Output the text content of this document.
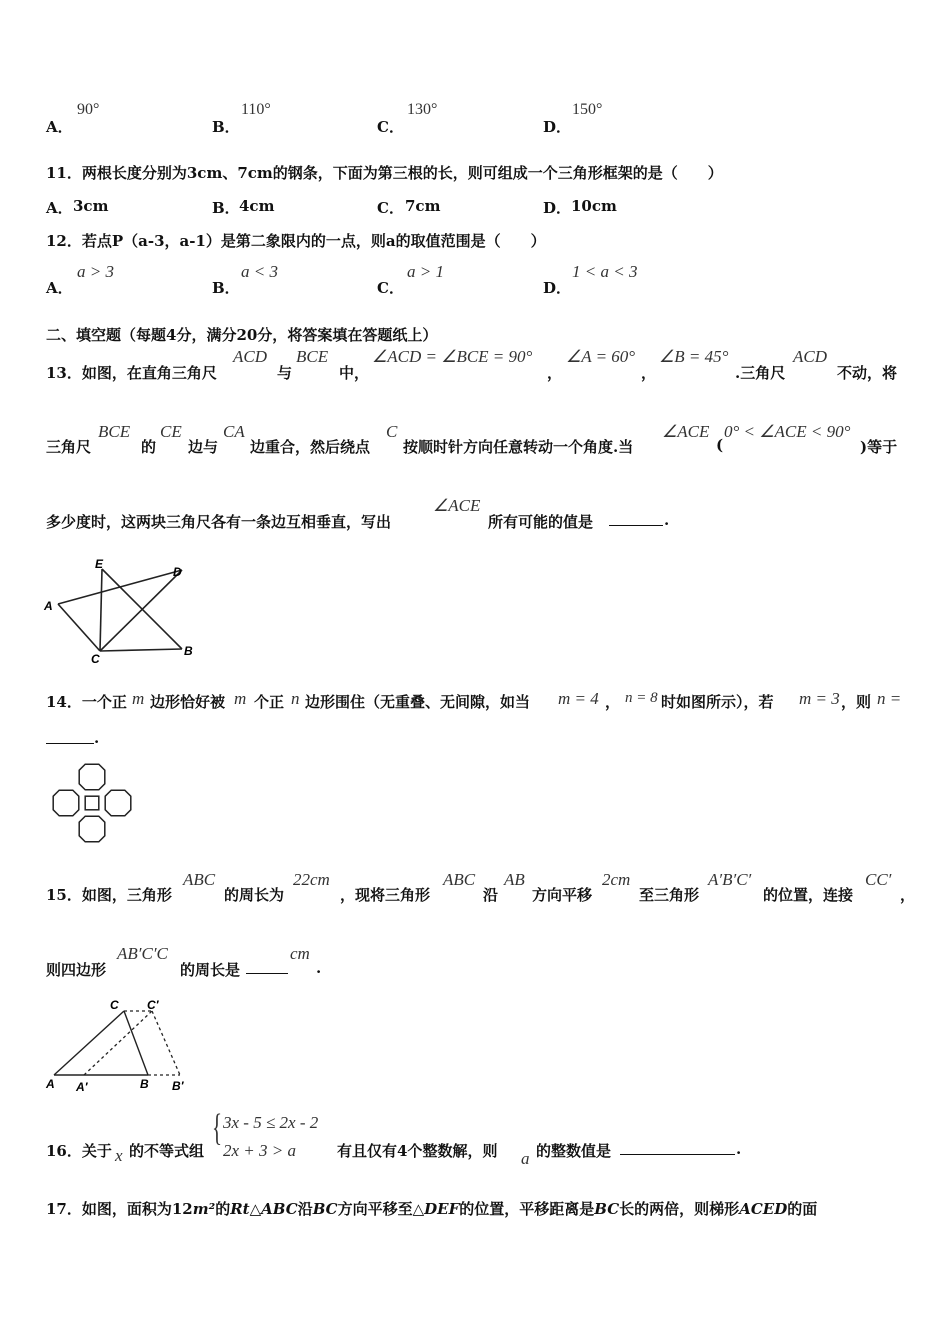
A．
90°
B．
110°
C．
130°
D．
150°
11．两根长度分别为3cm、7cm的钢条，下面为第三根的长，则可组成一个三角形框架的是（　　）
A． 3cm	B． 4cm	C． 7cm	D． 10cm
12．若点P（a-3，a-1）是第二象限内的一点，则a的取值范围是（　　）
A．
a > 3
B．
a < 3
C．
a > 1
D．
1 < a < 3
二、填空题（每题4分，满分20分，将答案填在答题纸上）
13．如图，在直角三角尺
ACD
与
BCE
中，
∠ACD = ∠BCE = 90°
，
∠A = 60°
，
∠B = 45°
.三角尺
ACD
不动，将
三角尺
BCE
的
CE
边与
CA
边重合，然后绕点
C
按顺时针方向任意转动一个角度.当
∠ACE
(
0° < ∠ACE < 90°
)等于
多少度时，这两块三角尺各有一条边互相垂直，写出
∠ACE
所有可能的值是	.
E
D
A
C
B
14．一个正 m 边形恰好被 m 个正 n 边形围住（无重叠、无间隙，如当 m = 4 ， n = 8 时如图所示），若 m = 3 ，则 n =
.
15．如图，三角形
ABC
的周长为
22cm
，现将三角形
ABC
沿
AB
方向平移
2cm
至三角形
A′B′C′
的位置，连接
CC′
，
则四边形
AB′C′C
的周长是
cm
.
C C′
A A′	B B′
16．关于 x 的不等式组
{ 3x - 5 ≤ 2x - 2
2x + 3 > a	有且仅有4个整数解，则 a 的整数值是	.
17．如图，面积为12m²的Rt△ABC沿BC方向平移至△DEF的位置，平移距离是BC长的两倍，则梯形ACED的面
